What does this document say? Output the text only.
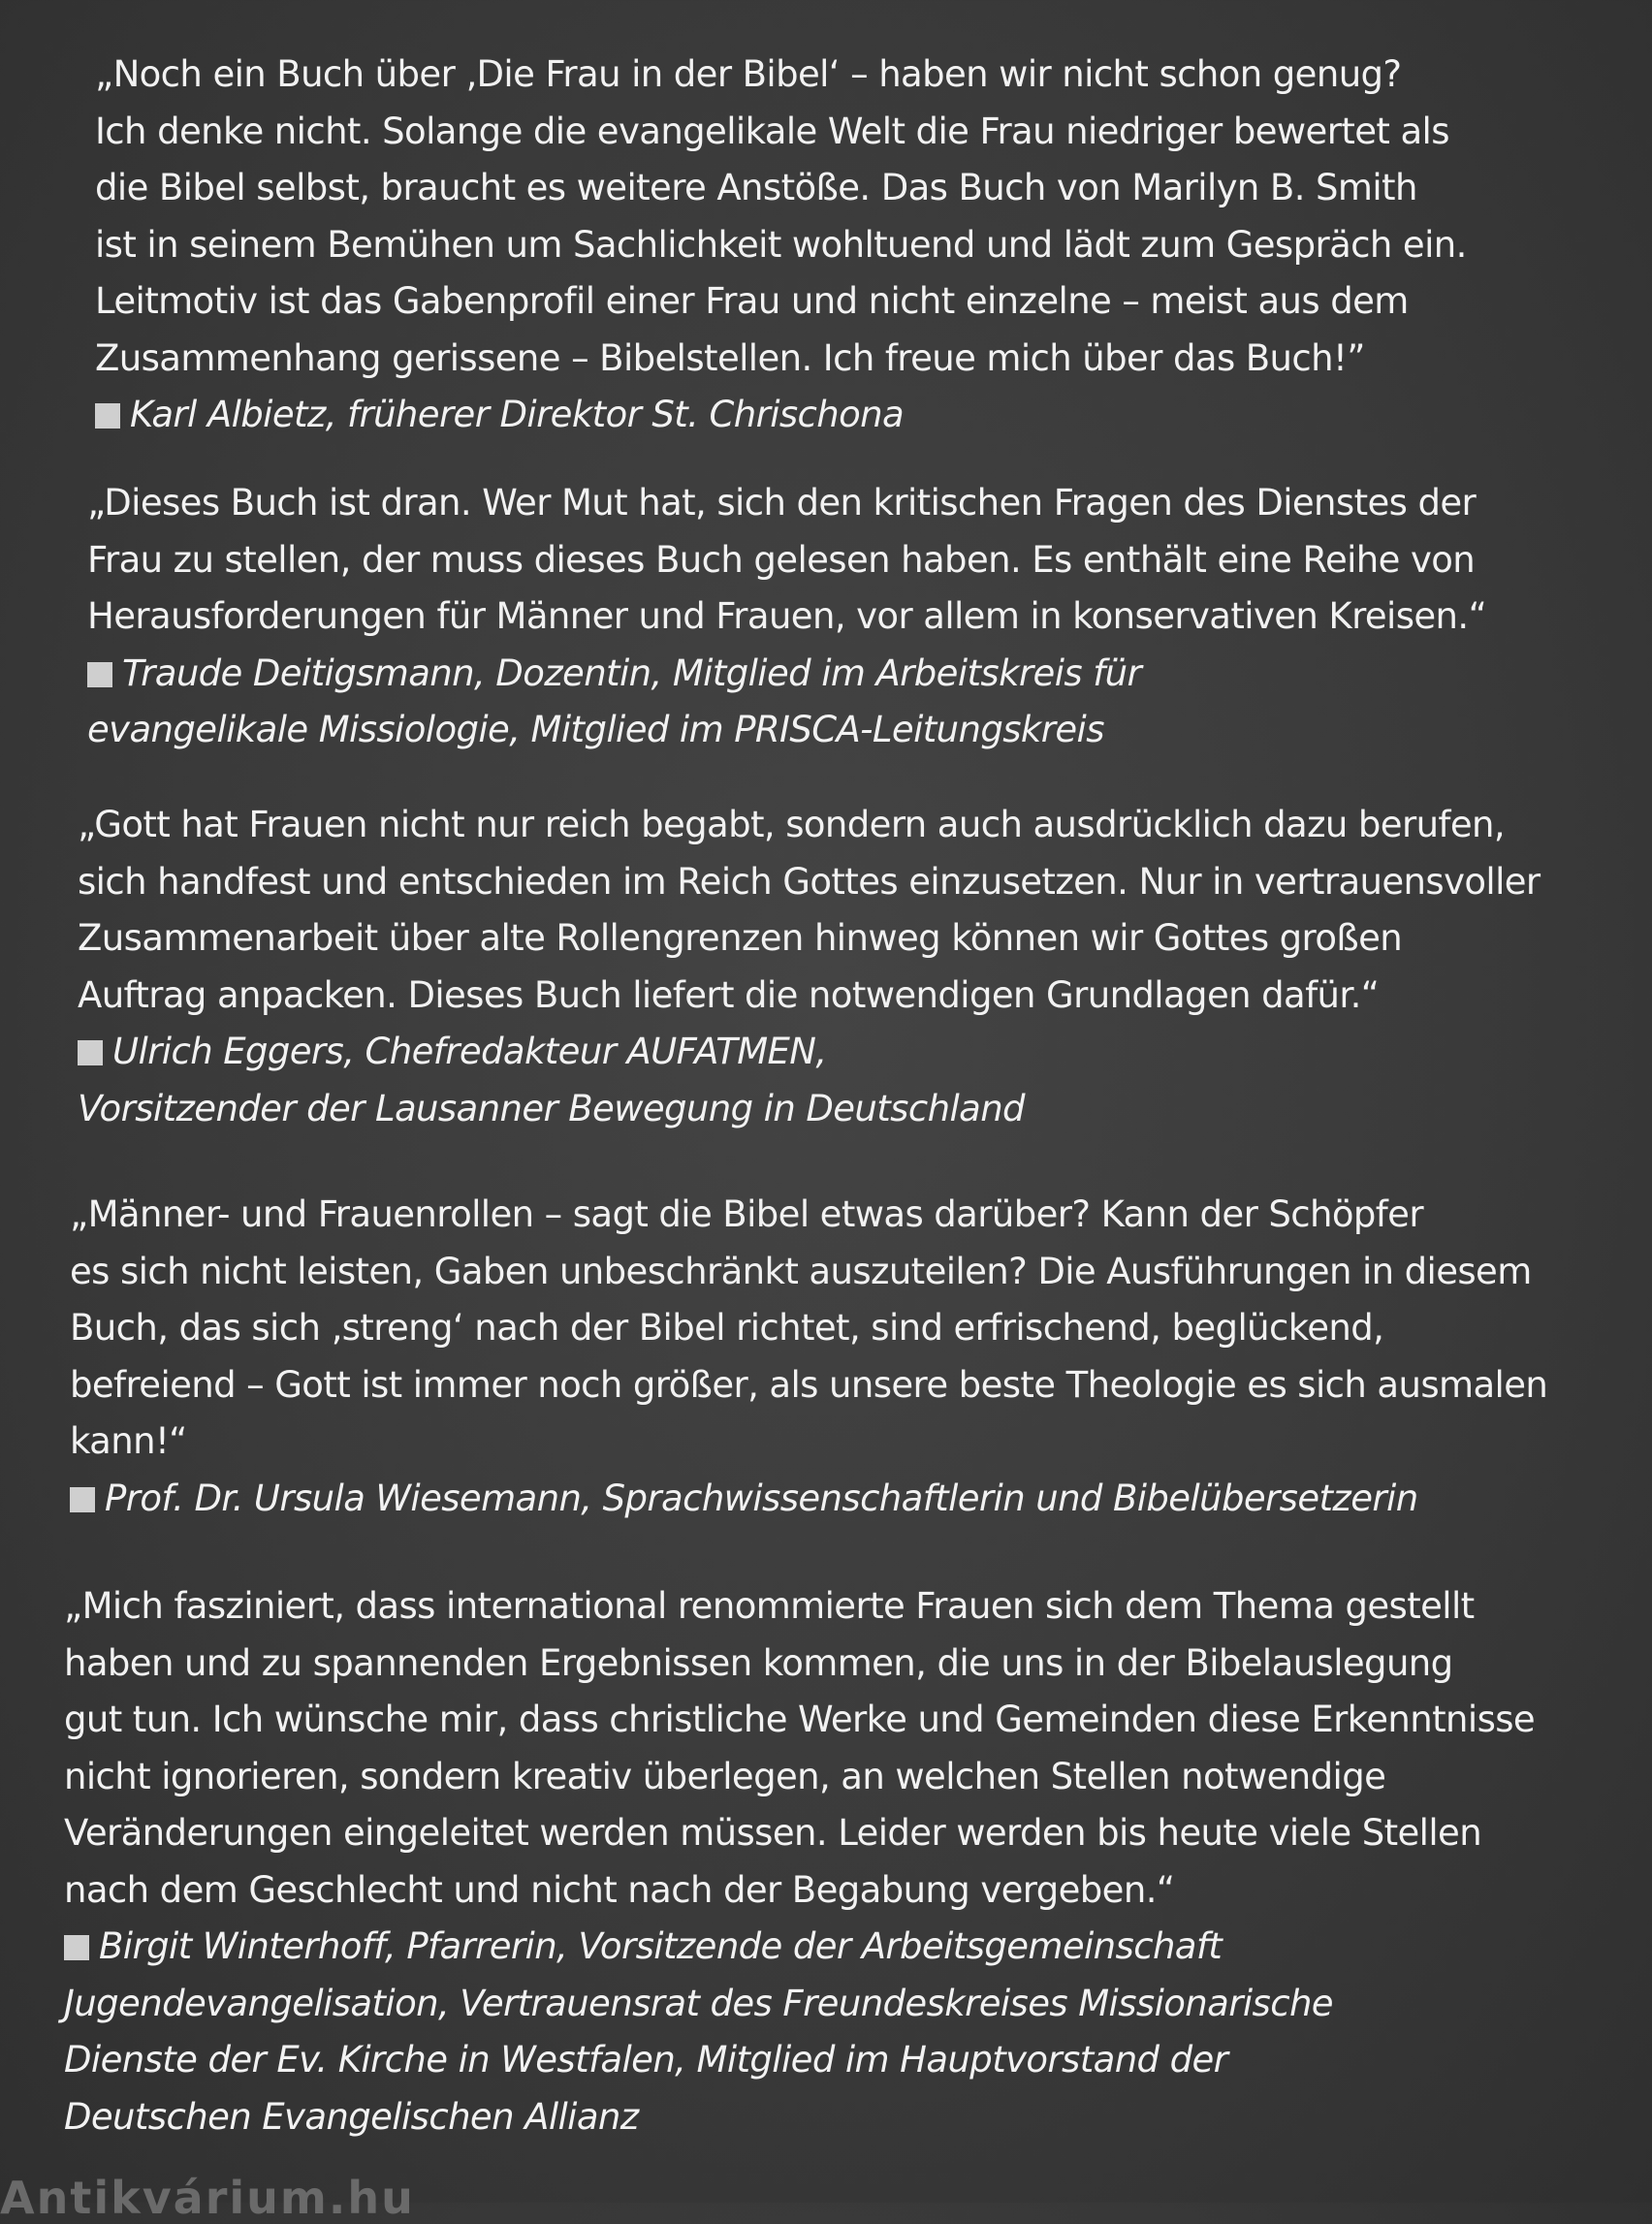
„Noch ein Buch über ‚Die Frau in der Bibel‘ – haben wir nicht schon genug?
Ich denke nicht. Solange die evangelikale Welt die Frau niedriger bewertet als
die Bibel selbst, braucht es weitere Anstöße. Das Buch von Marilyn B. Smith
ist in seinem Bemühen um Sachlichkeit wohltuend und lädt zum Gespräch ein.
Leitmotiv ist das Gabenprofil einer Frau und nicht einzelne – meist aus dem
Zusammenhang gerissene – Bibelstellen. Ich freue mich über das Buch!”
Karl Albietz, früherer Direktor St. Chrischona
„Dieses Buch ist dran. Wer Mut hat, sich den kritischen Fragen des Dienstes der
Frau zu stellen, der muss dieses Buch gelesen haben. Es enthält eine Reihe von
Herausforderungen für Männer und Frauen, vor allem in konservativen Kreisen.“
Traude Deitigsmann, Dozentin, Mitglied im Arbeitskreis für
evangelikale Missiologie, Mitglied im PRISCA-Leitungskreis
„Gott hat Frauen nicht nur reich begabt, sondern auch ausdrücklich dazu berufen,
sich handfest und entschieden im Reich Gottes einzusetzen. Nur in vertrauensvoller
Zusammenarbeit über alte Rollengrenzen hinweg können wir Gottes großen
Auftrag anpacken. Dieses Buch liefert die notwendigen Grundlagen dafür.“
Ulrich Eggers, Chefredakteur AUFATMEN,
Vorsitzender der Lausanner Bewegung in Deutschland
„Männer- und Frauenrollen – sagt die Bibel etwas darüber? Kann der Schöpfer
es sich nicht leisten, Gaben unbeschränkt auszuteilen? Die Ausführungen in diesem
Buch, das sich ‚streng‘ nach der Bibel richtet, sind erfrischend, beglückend,
befreiend – Gott ist immer noch größer, als unsere beste Theologie es sich ausmalen
kann!“
Prof. Dr. Ursula Wiesemann, Sprachwissenschaftlerin und Bibelübersetzerin
„Mich fasziniert, dass international renommierte Frauen sich dem Thema gestellt
haben und zu spannenden Ergebnissen kommen, die uns in der Bibelauslegung
gut tun. Ich wünsche mir, dass christliche Werke und Gemeinden diese Erkenntnisse
nicht ignorieren, sondern kreativ überlegen, an welchen Stellen notwendige
Veränderungen eingeleitet werden müssen. Leider werden bis heute viele Stellen
nach dem Geschlecht und nicht nach der Begabung vergeben.“
Birgit Winterhoff, Pfarrerin, Vorsitzende der Arbeitsgemeinschaft
Jugendevangelisation, Vertrauensrat des Freundeskreises Missionarische
Dienste der Ev. Kirche in Westfalen, Mitglied im Hauptvorstand der
Deutschen Evangelischen Allianz
Antikvárium.hu
